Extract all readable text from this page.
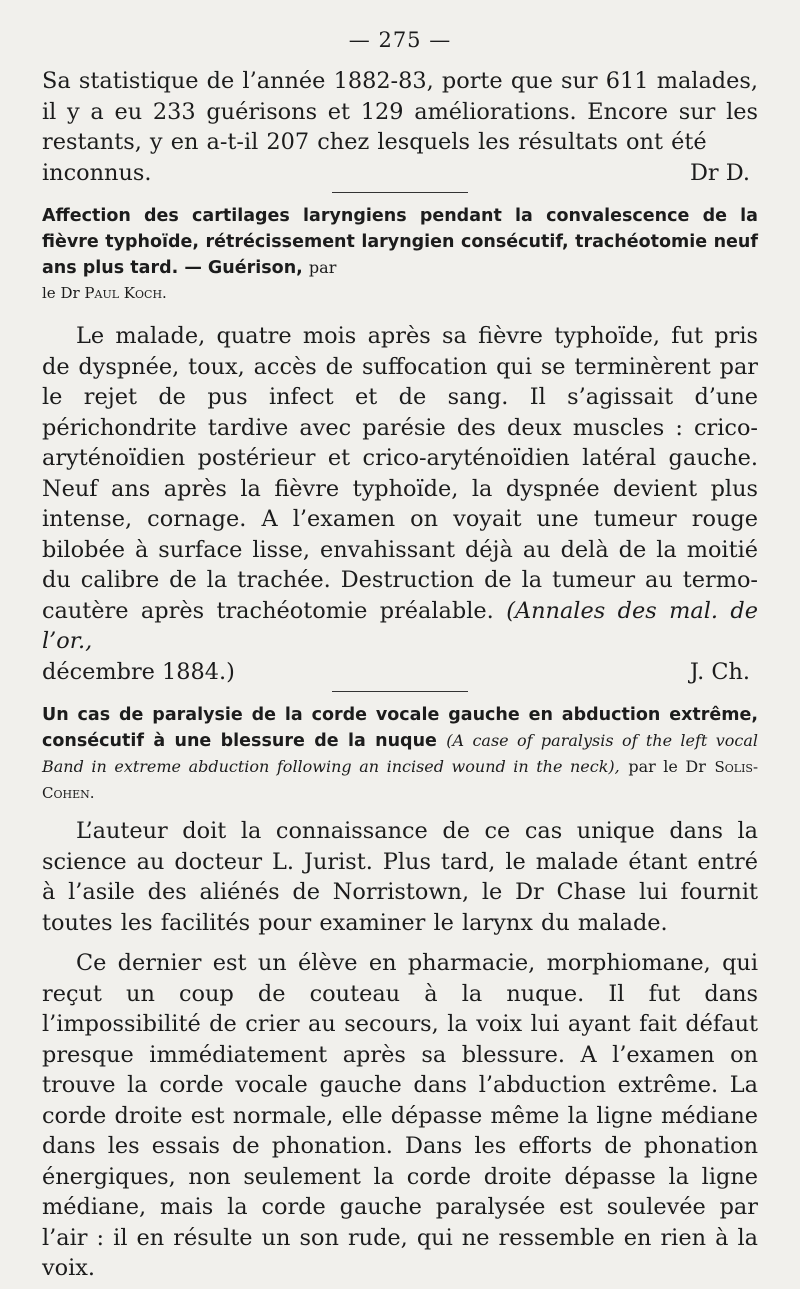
— 275 —

Sa statistique de l’année 1882-83, porte que sur 611 malades, il y a eu 233 guérisons et 129 améliorations. Encore sur les restants, y en a-t-il 207 chez lesquels les résultats ont été

inconnus.	Dr D.

Affection des cartilages laryngiens pendant la convalescence de la fièvre typhoïde, rétrécissement laryngien consécutif, trachéotomie neuf ans plus tard. — Guérison, par

le Dr Paul Koch.

Le malade, quatre mois après sa fièvre typhoïde, fut pris de dyspnée, toux, accès de suffocation qui se terminèrent par le rejet de pus infect et de sang. Il s’agissait d’une périchondrite tardive avec parésie des deux muscles : crico-aryténoïdien postérieur et crico-aryténoïdien latéral gauche. Neuf ans après la fièvre typhoïde, la dyspnée devient plus intense, cornage. A l’examen on voyait une tumeur rouge bilobée à surface lisse, envahissant déjà au delà de la moitié du calibre de la trachée. Destruction de la tumeur au termo-cautère après trachéotomie préalable. (Annales des mal. de l’or.,

décembre 1884.)	J. Ch.

Un cas de paralysie de la corde vocale gauche en abduction extrême, consécutif à une blessure de la nuque (A case of paralysis of the left vocal Band in extreme abduction following an incised wound in the neck), par le Dr Solis-Cohen.

L’auteur doit la connaissance de ce cas unique dans la science au docteur L. Jurist. Plus tard, le malade étant entré à l’asile des aliénés de Norristown, le Dr Chase lui fournit toutes les facilités pour examiner le larynx du malade.

Ce dernier est un élève en pharmacie, morphiomane, qui reçut un coup de couteau à la nuque. Il fut dans l’impossibilité de crier au secours, la voix lui ayant fait défaut presque immédiatement après sa blessure. A l’examen on trouve la corde vocale gauche dans l’abduction extrême. La corde droite est normale, elle dépasse même la ligne médiane dans les essais de phonation. Dans les efforts de phonation énergiques, non seulement la corde droite dépasse la ligne médiane, mais la corde gauche paralysée est soulevée par l’air : il en résulte un son rude, qui ne ressemble en rien à la voix.
